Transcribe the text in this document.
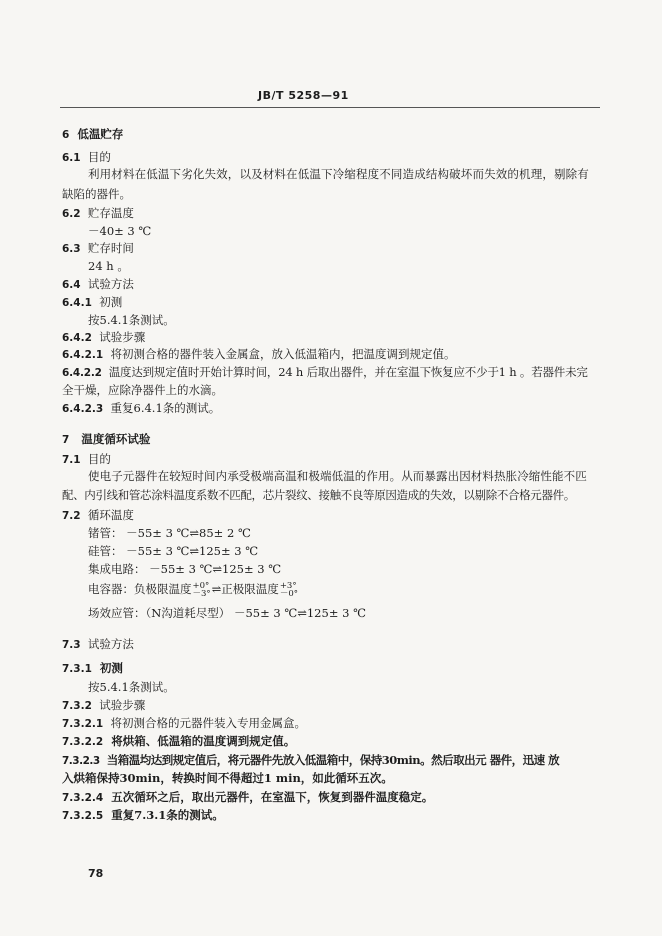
JB/T 5258—91
6 低温贮存
6.1 目的
利用材料在低温下劣化失效，以及材料在低温下冷缩程度不同造成结构破坏而失效的机理，剔除有
缺陷的器件。
6.2 贮存温度
－40± 3 ℃
6.3 贮存时间
24 h 。
6.4 试验方法
6.4.1 初测
按5.4.1条测试。
6.4.2 试验步骤
6.4.2.1 将初测合格的器件装入金属盒，放入低温箱内，把温度调到规定值。
6.4.2.2 温度达到规定值时开始计算时间，24 h 后取出器件，并在室温下恢复应不少于1 h 。若器件未完
全干燥，应除净器件上的水滴。
6.4.2.3 重复6.4.1条的测试。
7 温度循环试验
7.1 目的
使电子元器件在较短时间内承受极端高温和极端低温的作用。从而暴露出因材料热胀冷缩性能不匹
配、内引线和管芯涂料温度系数不匹配，芯片裂纹、接触不良等原因造成的失效，以剔除不合格元器件。
7.2 循环温度
锗管： －55± 3 ℃⇌85± 2 ℃
硅管： －55± 3 ℃⇌125± 3 ℃
集成电路： －55± 3 ℃⇌125± 3 ℃
电容器：负极限温度 +0°
－3° ⇌正极限温度 +3°
－0°
场效应管：（N沟道耗尽型） －55± 3 ℃⇌125± 3 ℃
7.3 试验方法
7.3.1 初测
按5.4.1条测试。
7.3.2 试验步骤
7.3.2.1 将初测合格的元器件装入专用金属盒。
7.3.2.2 将烘箱、低温箱的温度调到规定值。
7.3.2.3 当箱温均达到规定值后，将元器件先放入低温箱中，保持30min。然后取出元 器件，迅速 放
入烘箱保持30min，转换时间不得超过1 min，如此循环五次。
7.3.2.4 五次循环之后，取出元器件，在室温下，恢复到器件温度稳定。
7.3.2.5 重复7.3.1条的测试。
78
